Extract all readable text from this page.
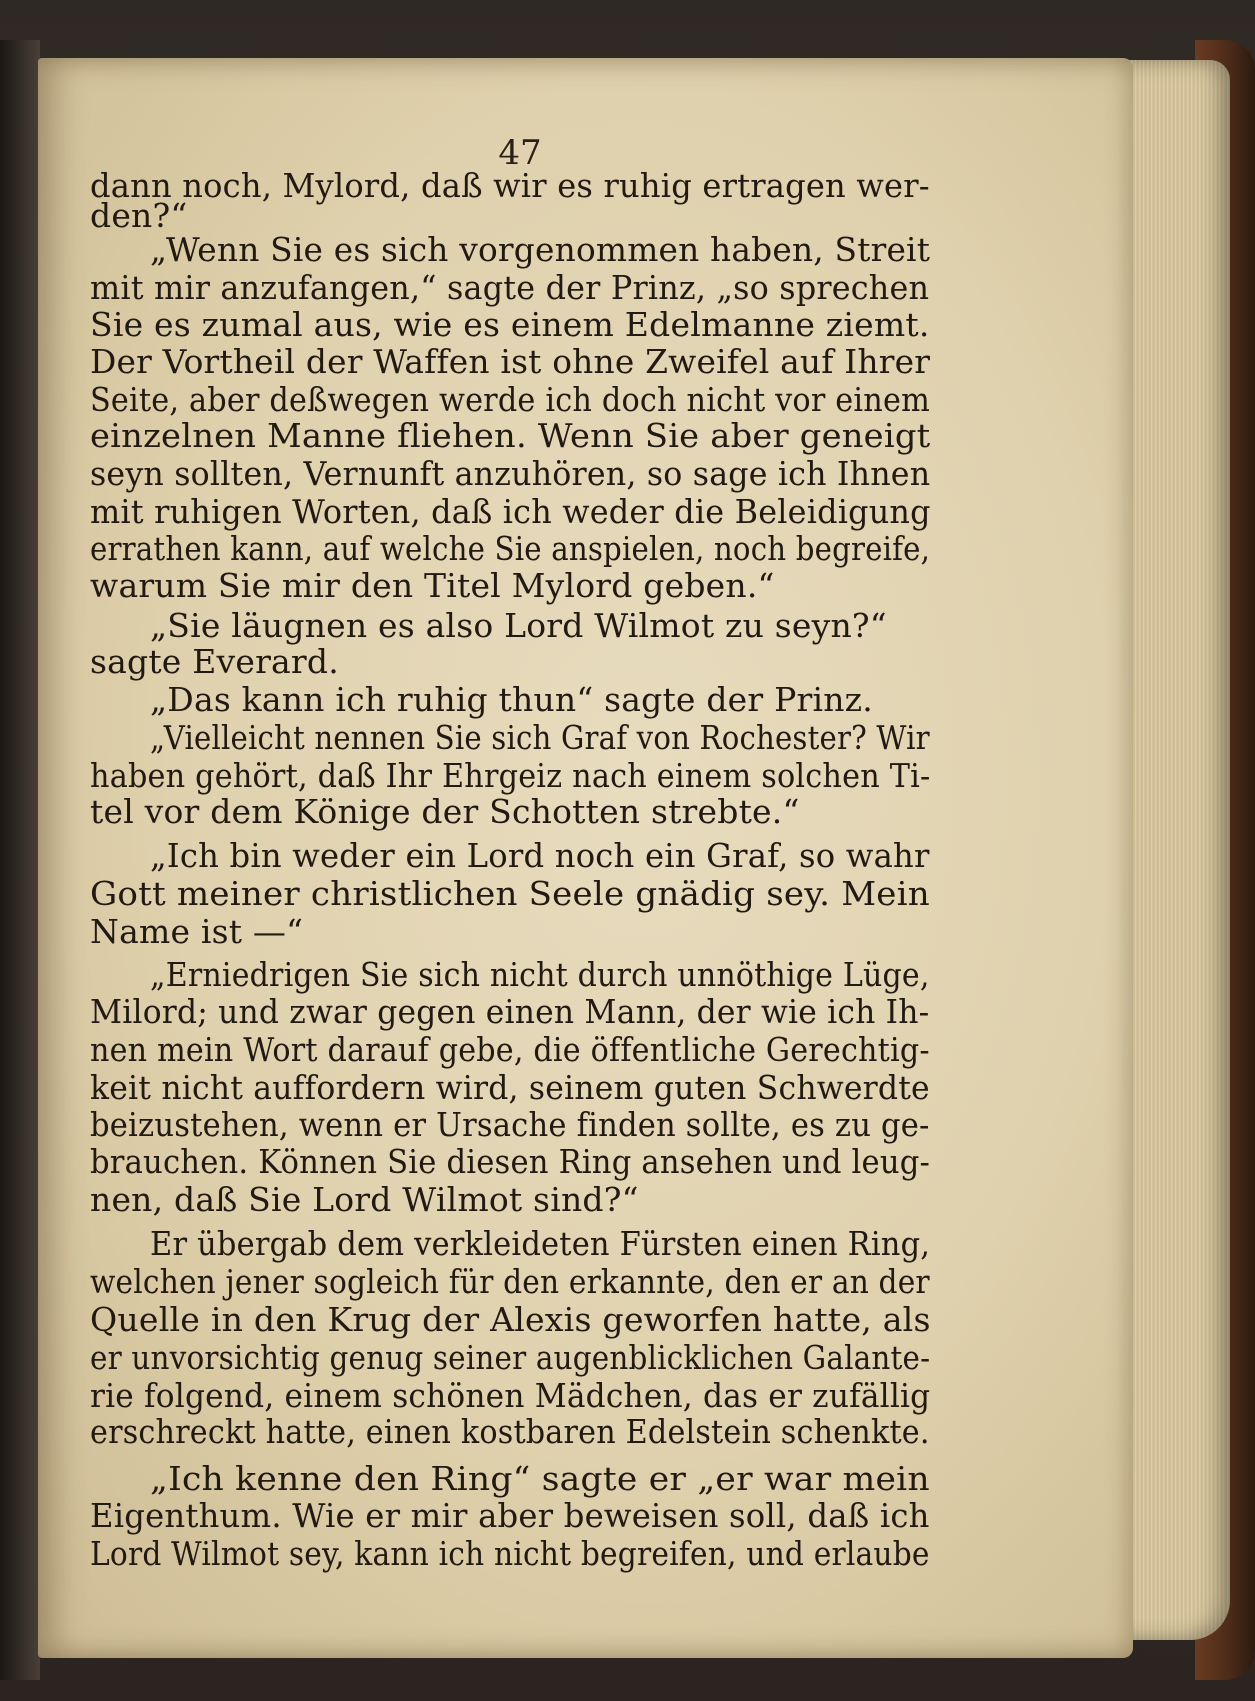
47
dann noch, Mylord, daß wir es ruhig ertragen wer-
den?“
„Wenn Sie es sich vorgenommen haben, Streit
mit mir anzufangen,“ sagte der Prinz, „so sprechen
Sie es zumal aus, wie es einem Edelmanne ziemt.
Der Vortheil der Waffen ist ohne Zweifel auf Ihrer
Seite, aber deßwegen werde ich doch nicht vor einem
einzelnen Manne fliehen. Wenn Sie aber geneigt
seyn sollten, Vernunft anzuhören, so sage ich Ihnen
mit ruhigen Worten, daß ich weder die Beleidigung
errathen kann, auf welche Sie anspielen, noch begreife,
warum Sie mir den Titel Mylord geben.“
„Sie läugnen es also Lord Wilmot zu seyn?“
sagte Everard.
„Das kann ich ruhig thun“ sagte der Prinz.
„Vielleicht nennen Sie sich Graf von Rochester? Wir
haben gehört, daß Ihr Ehrgeiz nach einem solchen Ti-
tel vor dem Könige der Schotten strebte.“
„Ich bin weder ein Lord noch ein Graf, so wahr
Gott meiner christlichen Seele gnädig sey. Mein
Name ist —“
„Erniedrigen Sie sich nicht durch unnöthige Lüge,
Milord; und zwar gegen einen Mann, der wie ich Ih-
nen mein Wort darauf gebe, die öffentliche Gerechtig-
keit nicht auffordern wird, seinem guten Schwerdte
beizustehen, wenn er Ursache finden sollte, es zu ge-
brauchen. Können Sie diesen Ring ansehen und leug-
nen, daß Sie Lord Wilmot sind?“
Er übergab dem verkleideten Fürsten einen Ring,
welchen jener sogleich für den erkannte, den er an der
Quelle in den Krug der Alexis geworfen hatte, als
er unvorsichtig genug seiner augenblicklichen Galante-
rie folgend, einem schönen Mädchen, das er zufällig
erschreckt hatte, einen kostbaren Edelstein schenkte.
„Ich kenne den Ring“ sagte er „er war mein
Eigenthum. Wie er mir aber beweisen soll, daß ich
Lord Wilmot sey, kann ich nicht begreifen, und erlaube
